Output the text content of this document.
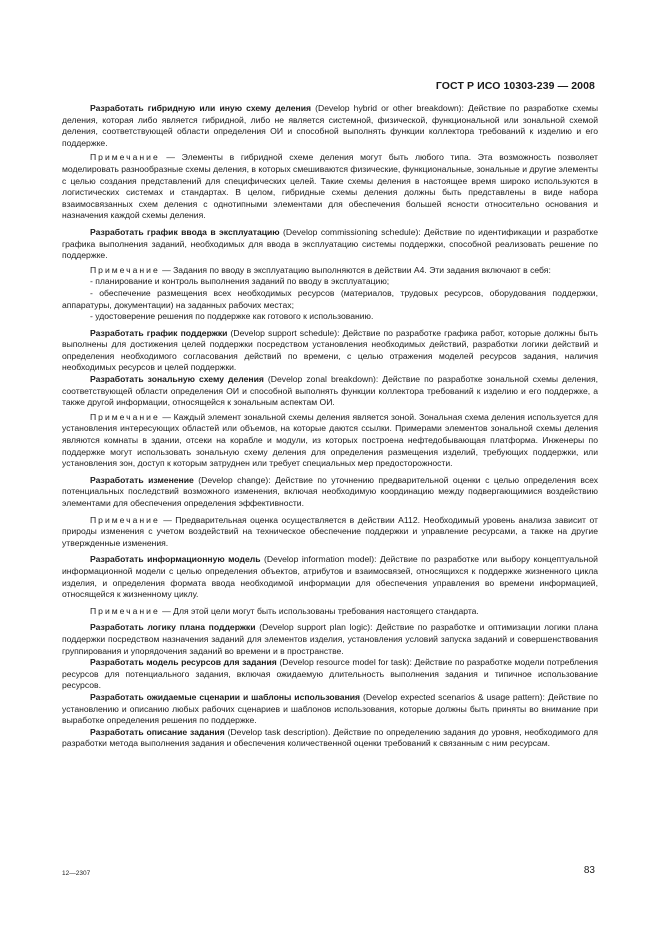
ГОСТ Р ИСО 10303-239 — 2008

Разработать гибридную или иную схему деления (Develop hybrid or other breakdown): Действие по разработке схемы деления, которая либо является гибридной, либо не является системной, физической, функциональной или зональной схемой деления, соответствующей области определения ОИ и способной выполнять функции коллектора требований к изделию и его поддержке.

Примечание — Элементы в гибридной схеме деления могут быть любого типа. Эта возможность позволяет моделировать разнообразные схемы деления, в которых смешиваются физические, функциональные, зональные и другие элементы с целью создания представлений для специфических целей. Такие схемы деления в настоящее время широко используются в логистических системах и стандартах. В целом, гибридные схемы деления должны быть представлены в виде набора взаимосвязанных схем деления с однотипными элементами для обеспечения большей ясности относительно основания и назначения каждой схемы деления.

Разработать график ввода в эксплуатацию (Develop commissioning schedule): Действие по идентификации и разработке графика выполнения заданий, необходимых для ввода в эксплуатацию системы поддержки, способной реализовать решение по поддержке.

Примечание — Задания по вводу в эксплуатацию выполняются в действии А4. Эти задания включают в себя:

- планирование и контроль выполнения заданий по вводу в эксплуатацию;

- обеспечение размещения всех необходимых ресурсов (материалов, трудовых ресурсов, оборудования поддержки, аппаратуры, документации) на заданных рабочих местах;

- удостоверение решения по поддержке как готового к использованию.

Разработать график поддержки (Develop support schedule): Действие по разработке графика работ, которые должны быть выполнены для достижения целей поддержки посредством установления необходимых действий, разработки логики действий и определения необходимого согласования действий по времени, с целью отражения моделей ресурсов задания, наличия необходимых ресурсов и целей поддержки.

Разработать зональную схему деления (Develop zonal breakdown): Действие по разработке зональной схемы деления, соответствующей области определения ОИ и способной выполнять функции коллектора требований к изделию и его поддержке, а также другой информации, относящейся к зональным аспектам ОИ.

Примечание — Каждый элемент зональной схемы деления является зоной. Зональная схема деления используется для установления интересующих областей или объемов, на которые даются ссылки. Примерами элементов зональной схемы деления являются комнаты в здании, отсеки на корабле и модули, из которых построена нефтедобывающая платформа. Инженеры по поддержке могут использовать зональную схему деления для определения размещения изделий, требующих поддержки, или установления зон, доступ к которым затруднен или требует специальных мер предосторожности.

Разработать изменение (Develop change): Действие по уточнению предварительной оценки с целью определения всех потенциальных последствий возможного изменения, включая необходимую координацию между подвергающимися воздействию элементами для обеспечения определения эффективности.

Примечание — Предварительная оценка осуществляется в действии А112. Необходимый уровень анализа зависит от природы изменения с учетом воздействий на техническое обеспечение поддержки и управление ресурсами, а также на другие утвержденные изменения.

Разработать информационную модель (Develop information model): Действие по разработке или выбору концептуальной информационной модели с целью определения объектов, атрибутов и взаимосвязей, относящихся к поддержке жизненного цикла изделия, и определения формата ввода необходимой информации для обеспечения управления во времени информацией, относящейся к жизненному циклу.

Примечание — Для этой цели могут быть использованы требования настоящего стандарта.

Разработать логику плана поддержки (Develop support plan logic): Действие по разработке и оптимизации логики плана поддержки посредством назначения заданий для элементов изделия, установления условий запуска заданий и совершенствования группирования и упорядочения заданий во времени и в пространстве.

Разработать модель ресурсов для задания (Develop resource model for task): Действие по разработке модели потребления ресурсов для потенциального задания, включая ожидаемую длительность выполнения задания и типичное использование ресурсов.

Разработать ожидаемые сценарии и шаблоны использования (Develop expected scenarios & usage pattern): Действие по установлению и описанию любых рабочих сценариев и шаблонов использования, которые должны быть приняты во внимание при выработке определения решения по поддержке.

Разработать описание задания (Develop task description). Действие по определению задания до уровня, необходимого для разработки метода выполнения задания и обеспечения количественной оценки требований к связанным с ним ресурсам.

12—2307	83
